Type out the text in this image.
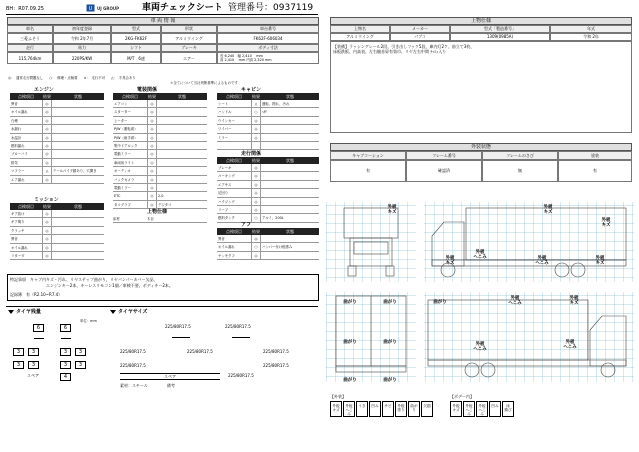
BH：R07.09.25	U UJ GROUP	車両チェックシート 管理番号：0937119
車 両 情 報
車名	初年度登録	型式	形状	車台番号
三菱ふそう	令和 2年7月	2KG-FK62F	アルミウイング	FK62F-606034
走行	馬力	シフト	ブレーキ	ボディ寸法
115,764km	220PS/KW	M/T　6速	エアー	長 6,240　幅 2,410　 mm
高 2,410　 mm 内高 2,320 mm
◎：　通常走行問題なし ○：　修理・点検要 ×：　走行不可 △：　不具合あり
＊全てについて当社判断基準によるものです
エンジン
点検項目	結果	状態
異音	◎
オイル漏れ	◎
白煙	◎
水漏れ	◎
水温計	◎
燃料漏れ	◎
ブローバイ	◎
排気	◎
マフラー	△	テールパイプ錆あり、穴開き
エア漏れ	◎
電装関係
点検項目	結果	状態
エアコン	◎
スターター	◎
ヒーター	◎
P/W（運転席）	◎
P/W（助手席）	◎
集中ドアロック	◎
電動ミラー	◎
車両用ライト	◎
オーディオ	◎
バックカメラ	◎
電動ミラー	◎
ETC	◎	2.0
タコグラフ	◎	デジタコ
キャビン
点検項目	結果	状態
シート	△	運転、擦れ、汚れ
ハンドル	○	ﾍﾀﾘ
ウインカー	◎
ワイパー	◎
ミラー	◎
走行関係
点検項目	結果	状態
ブレーキ	◎
パーキング	◎
エアサス	◎
足回り	◎
ハウジング	◎
リーフ	◎
燃料タンク	○	アルミ、200L
ミッション
点検項目	結果	状態
ギア抜け	◎
ギア鳴り	◎
クラッチ	◎
異音	◎
オイル漏れ	◎
リターダ	◎
アフ
点検項目	結果	状態
異音	◎
オイル漏れ	○	バンパー付け根滲み
ヤンモクフ	◎
上物仕様
床材	木目
特記事項　 キャブ内キズ・汚れ、リヤステップ曲がり、リヤバンパーカバー欠品、
エンジンキー2本、キーレスリモコン1個／車検不要、ボディキー2本。
記録簿　 有（R2.10~R7.4）
タイヤ残量
単位：mm
6	6
3	3	3	3
3	3	3	3
スペア	4
タイヤサイズ
225/80R17.5	225/80R17.5
225/80R17.5	225/80R17.5	225/80R17.5
225/80R17.5	225/80R17.5
スペア	225/80R17.5
素材：スチール	備考
上物仕様
上物名	メーカー	型式「製造番号」	年式
アルミウイング	パブコ	1309(0985A)	令和 2年
【装備】ラッシングレール2段、引き出しフック5段、庫内灯2ケ、前立て3枚、
床板鉄板、内高表、左右観音扉有効巾、リヤ左右中間 ﾗｯｼｭ入り
外装状態
キャブコーション	フレーム番号	フレームのさび	塗装
有	確認済	無	有
外板
キズ
外板
キズ
外板
キズ
外板
キズ
外板
へこみ	外板
へこみ
外板
キズ
外板
へこみ
外板
キズ
外板
へこみ
外板
へこみ
曲がり	曲がり
曲がり	曲がり
曲がり	曲がり
曲がり
【外装】	【ボデー内】
外板
キズ
外板
へこみ
うき	凹み	サビ	外板
塗り
曲がり
欠損	外板
キズ
外板
へこみ
外板
へこみ
凹み	床
錆び
